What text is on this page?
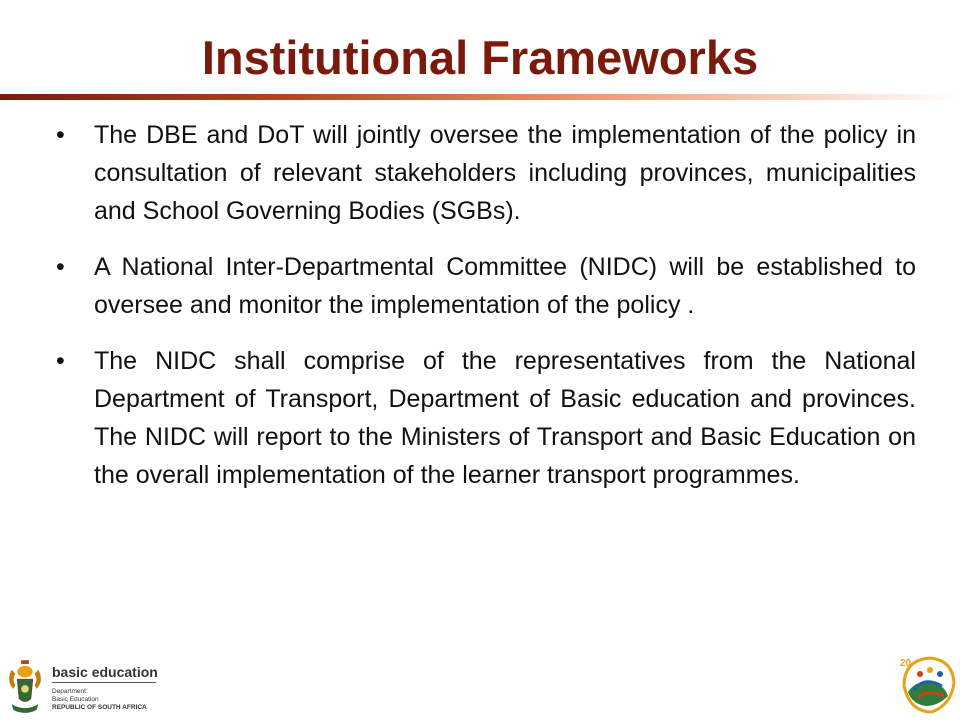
Institutional Frameworks
• The DBE and DoT will jointly oversee the implementation of the policy in consultation of relevant stakeholders including provinces, municipalities and School Governing Bodies (SGBs).
• A National Inter-Departmental Committee (NIDC) will be established to oversee and monitor the implementation of the policy .
• The NIDC shall comprise of the representatives from the National Department of Transport, Department of Basic education and provinces. The NIDC will report to the Ministers of Transport and Basic Education on the overall implementation of the learner transport programmes.
basic education
Department:
Basic Education
REPUBLIC OF SOUTH AFRICA
20
